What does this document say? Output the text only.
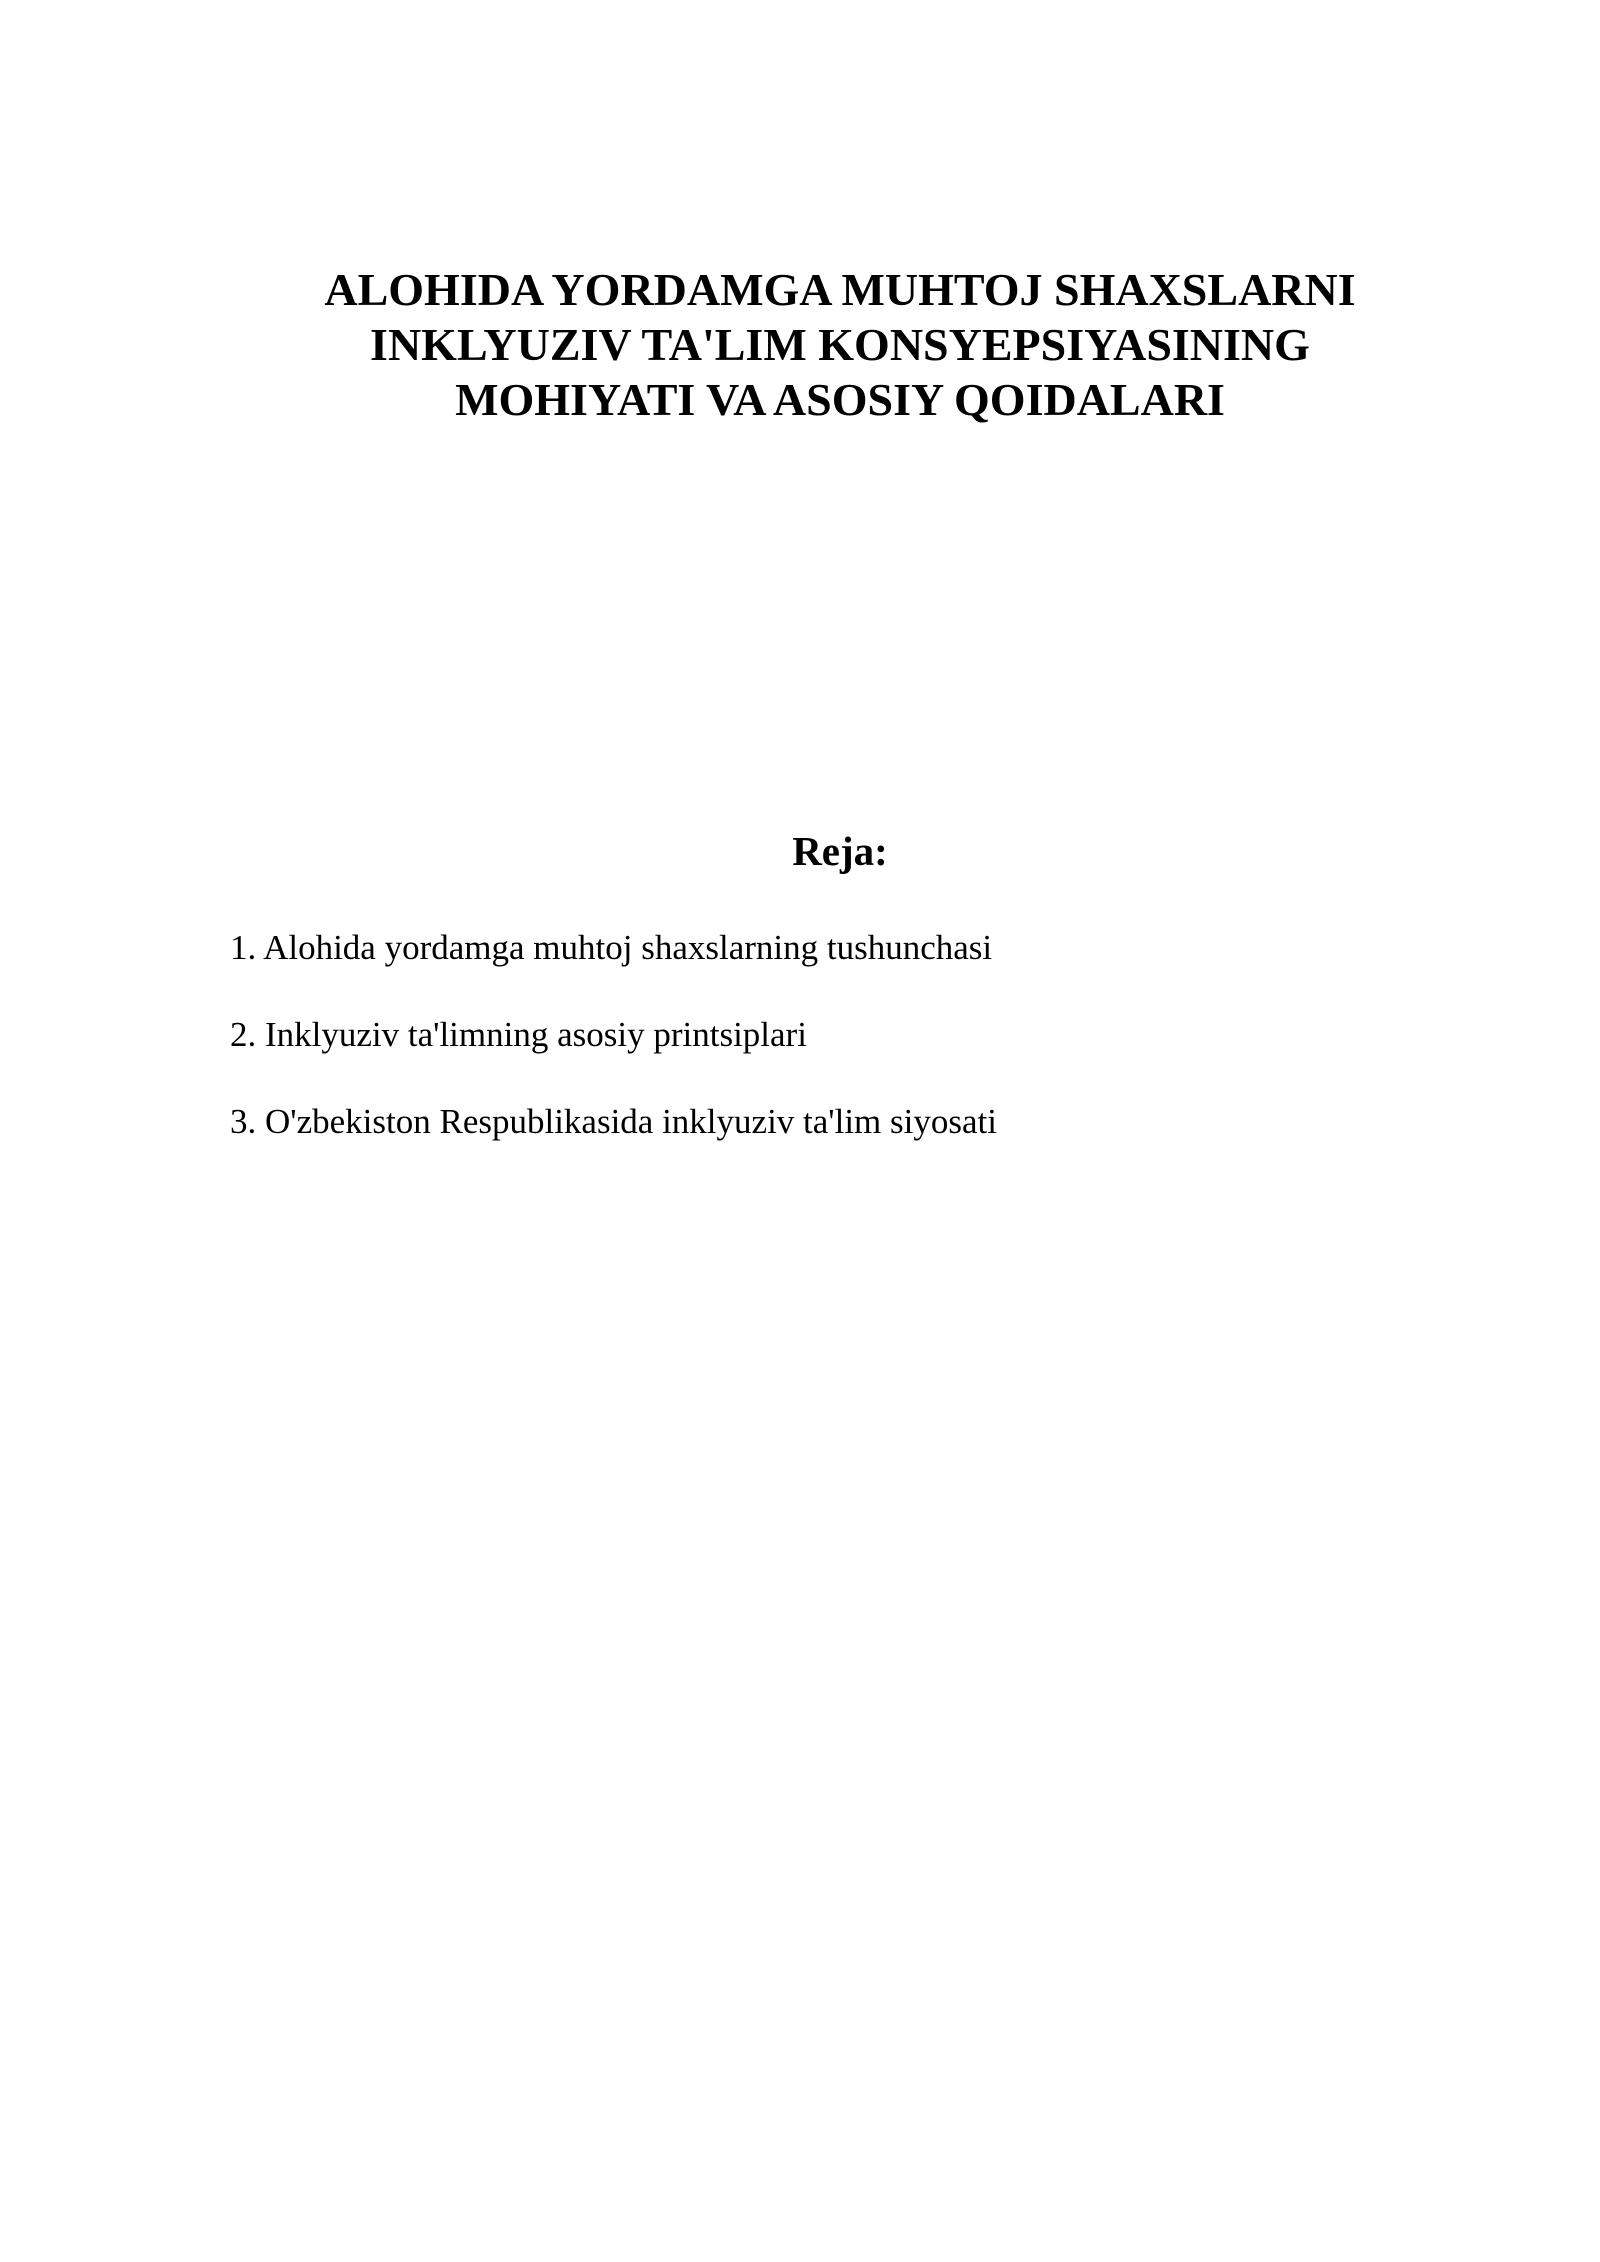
ALOHIDA YORDAMGA MUHTOJ SHAXSLARNI
INKLYUZIV TA'LIM KONSYEPSIYASINING
MOHIYATI VA ASOSIY QOIDALARI
Reja:
1. Alohida yordamga muhtoj shaxslarning tushunchasi
2. Inklyuziv ta'limning asosiy printsiplari
3. O'zbekiston Respublikasida inklyuziv ta'lim siyosati
